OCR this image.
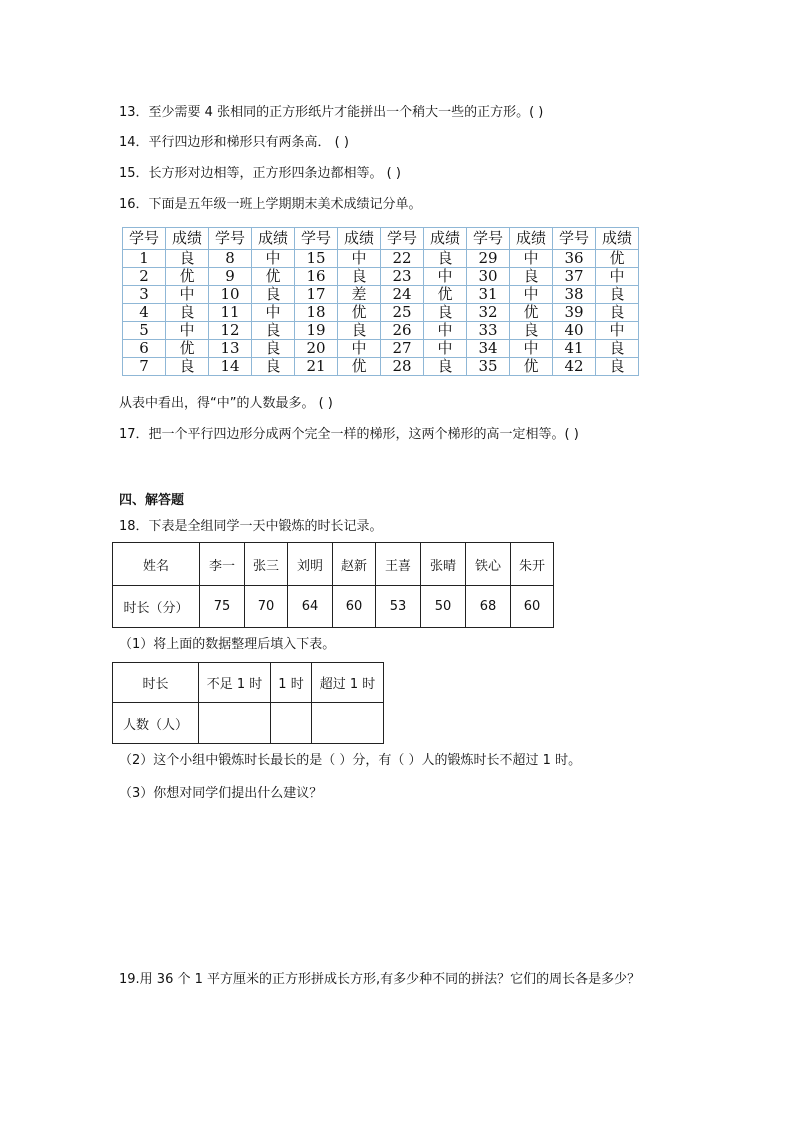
13．至少需要 4 张相同的正方形纸片才能拼出一个稍大一些的正方形。( )
14．平行四边形和梯形只有两条高． ( )
15．长方形对边相等，正方形四条边都相等。 ( )
16．下面是五年级一班上学期期末美术成绩记分单。
学号	成绩	学号	成绩	学号	成绩	学号	成绩	学号	成绩	学号	成绩
1	良	8	中	15	中	22	良	29	中	36	优
2	优	9	优	16	良	23	中	30	良	37	中
3	中	10	良	17	差	24	优	31	中	38	良
4	良	11	中	18	优	25	良	32	优	39	良
5	中	12	良	19	良	26	中	33	良	40	中
6	优	13	良	20	中	27	中	34	中	41	良
7	良	14	良	21	优	28	良	35	优	42	良
从表中看出，得“中”的人数最多。 ( )
17．把一个平行四边形分成两个完全一样的梯形，这两个梯形的高一定相等。( )
四、解答题
18．下表是全组同学一天中锻炼的时长记录。
姓名	李一	张三	刘明	赵新	王喜	张晴	铁心	朱开
时长（分）	75	70	64	60	53	50	68	60
（1）将上面的数据整理后填入下表。
时长	不足 1 时	1 时	超过 1 时
人数（人）			
（2）这个小组中锻炼时长最长的是（ ）分，有（ ）人的锻炼时长不超过 1 时。
（3）你想对同学们提出什么建议？
19.用 36 个 1 平方厘米的正方形拼成长方形,有多少种不同的拼法？它们的周长各是多少？
